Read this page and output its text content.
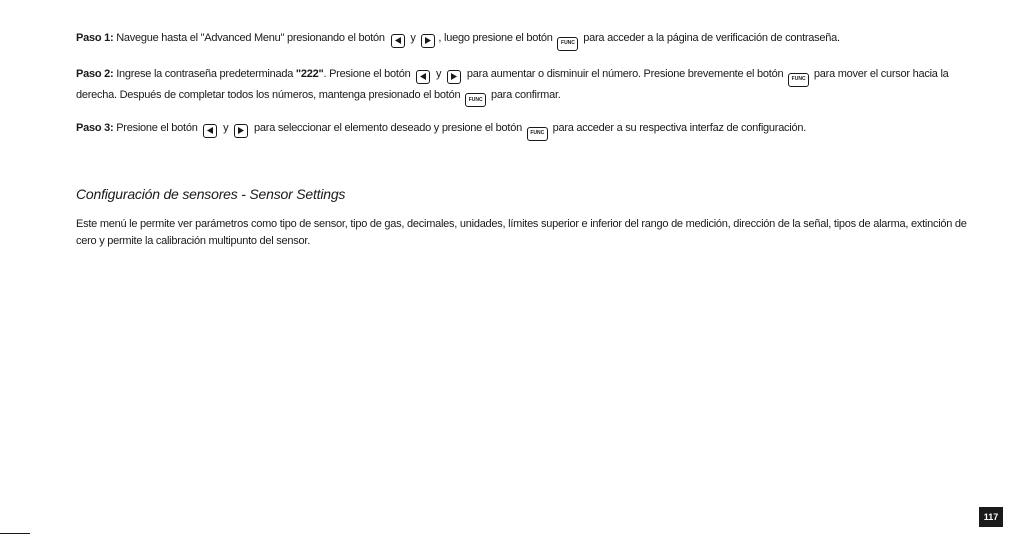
Paso 1: Navegue hasta el "Advanced Menu" presionando el botón
y
, luego presione el botón FUNC para acceder a la página de verificación de contraseña.

Paso 2: Ingrese la contraseña predeterminada "222". Presione el botón
y
para aumentar o disminuir el número. Presione brevemente el botón FUNC para mover el cursor hacia la derecha. Después de completar todos los números, mantenga presionado el botón FUNC para confirmar.

Paso 3: Presione el botón
y
para seleccionar el elemento deseado y presione el botón FUNC para acceder a su respectiva interfaz de configuración.

Configuración de sensores - Sensor Settings

Este menú le permite ver parámetros como tipo de sensor, tipo de gas, decimales, unidades, límites superior e inferior del rango de medición, dirección de la señal, tipos de alarma, extinción de cero y permite la calibración multipunto del sensor.

117
